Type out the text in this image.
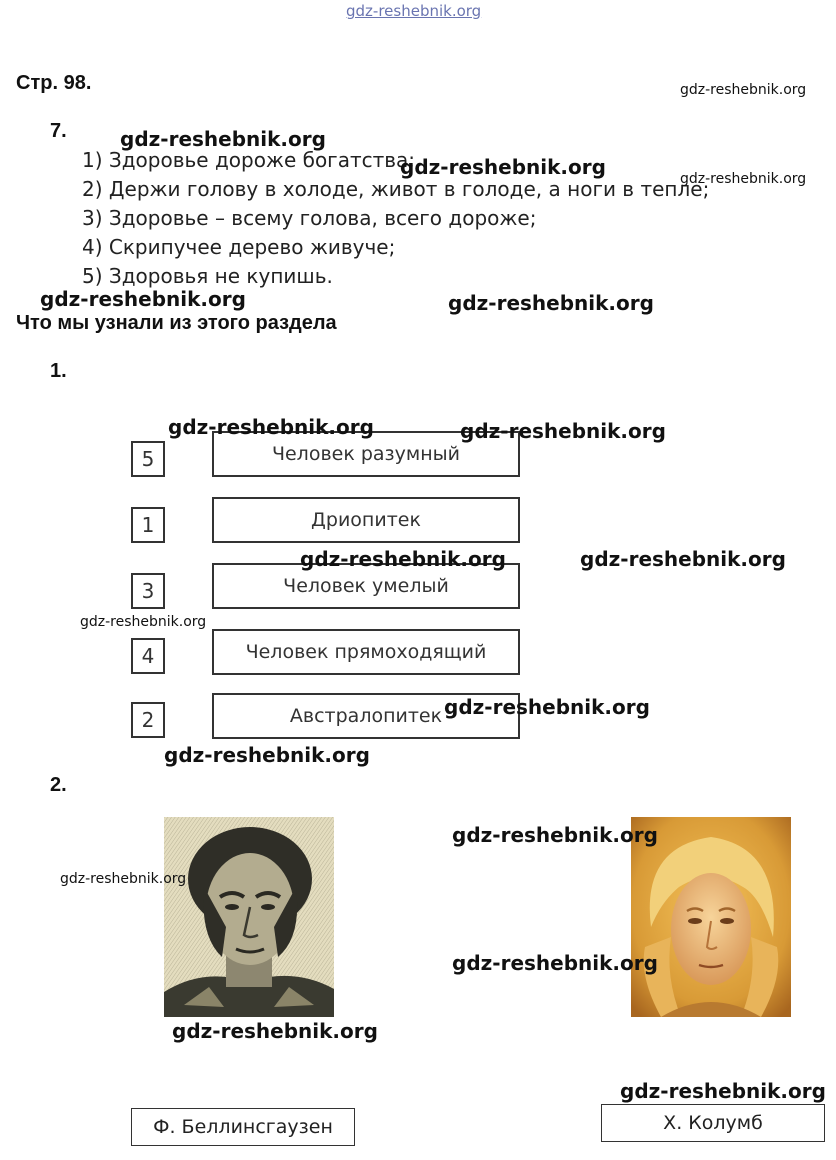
gdz-reshebnik.org
Стр. 98.
7.
1) Здоровье дороже богатства;
2) Держи голову в холоде, живот в голоде, а ноги в тепле;
3) Здоровье – всему голова, всего дороже;
4) Скрипучее дерево живуче;
5) Здоровья не купишь.
Что мы узнали из этого раздела
1.
5	Человек разумный
1	Дриопитек
3	Человек умелый
4	Человек прямоходящий
2	Австралопитек
2.
Ф. Беллинсгаузен	Х. Колумб
gdz-reshebnik.org
gdz-reshebnik.org
gdz-reshebnik.org	gdz-reshebnik.org
gdz-reshebnik.org	gdz-reshebnik.org
gdz-reshebnik.org	gdz-reshebnik.org
gdz-reshebnik.org	gdz-reshebnik.org
gdz-reshebnik.org
gdz-reshebnik.org
gdz-reshebnik.org
gdz-reshebnik.org
gdz-reshebnik.org
gdz-reshebnik.org
gdz-reshebnik.org
gdz-reshebnik.org
